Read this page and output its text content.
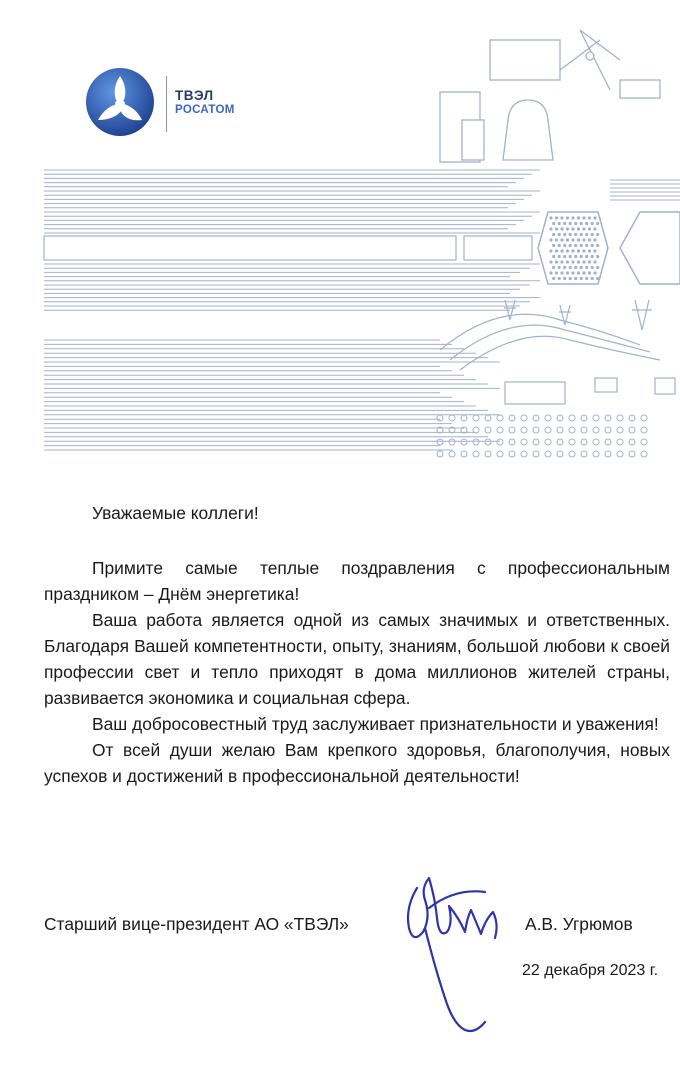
ТВЭЛ
РОСАТОМ
Уважаемые коллеги!

Примите самые теплые поздравления с профессиональным праздником – Днём энергетика!

Ваша работа является одной из самых значимых и ответственных. Благодаря Вашей компетентности, опыту, знаниям, большой любови к своей профессии свет и тепло приходят в дома миллионов жителей страны, развивается экономика и социальная сфера.

Ваш добросовестный труд заслуживает признательности и уважения!

От всей души желаю Вам крепкого здоровья, благополучия, новых успехов и достижений в профессиональной деятельности!

Старший вице-президент АО «ТВЭЛ»	А.В. Угрюмов
22 декабря 2023 г.
